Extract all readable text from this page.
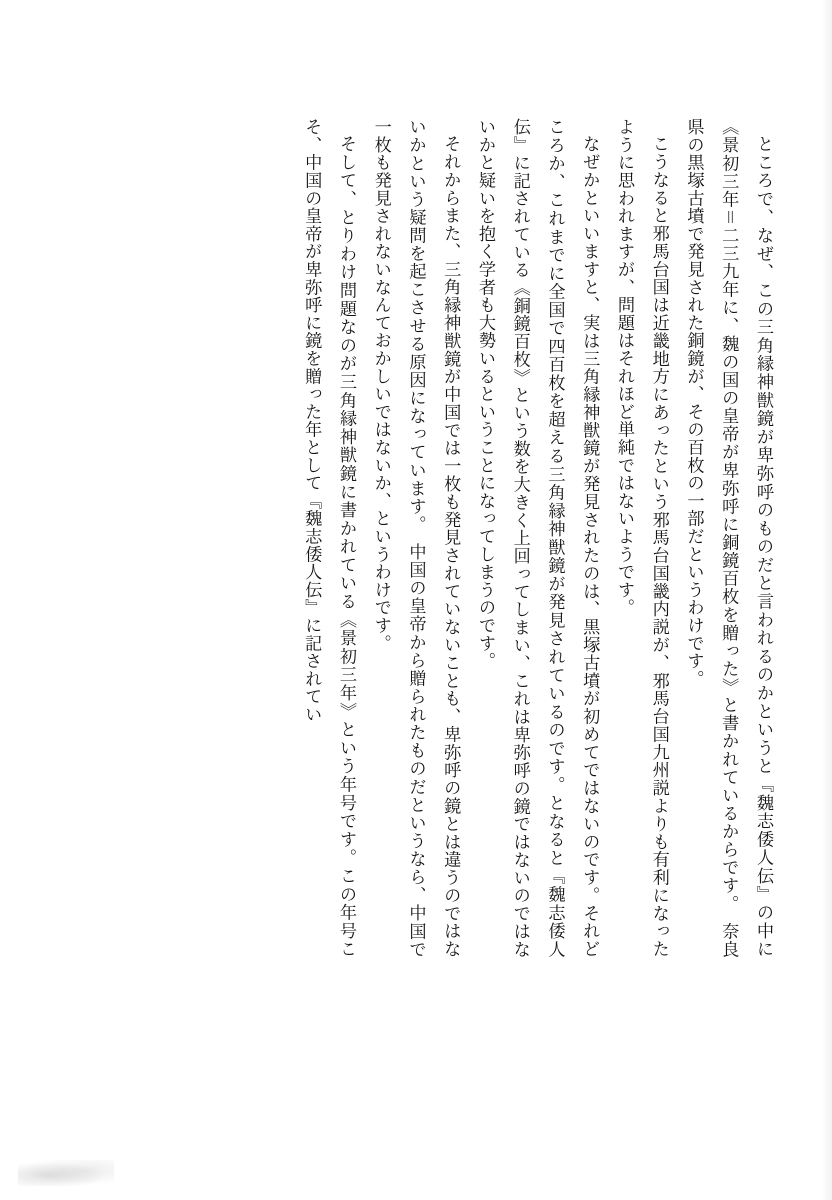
ところで、なぜ、この三角縁神獣鏡が卑弥呼のものだと言われるのかというと『魏志倭人伝』の中に《景初三年＝二三九年に、魏の国の皇帝が卑弥呼に銅鏡百枚を贈った》と書かれているからです。　奈良県の黒塚古墳で発見された銅鏡が、その百枚の一部だというわけです。
こうなると邪馬台国は近畿地方にあったという邪馬台国畿内説が、邪馬台国九州説よりも有利になったように思われますが、問題はそれほど単純ではないようです。
なぜかといいますと、実は三角縁神獣鏡が発見されたのは、黒塚古墳が初めてではないのです。それどころか、これまでに全国で四百枚を超える三角縁神獣鏡が発見されているのです。となると『魏志倭人伝』に記されている《銅鏡百枚》という数を大きく上回ってしまい、これは卑弥呼の鏡ではないのではないかと疑いを抱く学者も大勢いるということになってしまうのです。
それからまた、三角縁神獣鏡が中国では一枚も発見されていないことも、卑弥呼の鏡とは違うのではないかという疑問を起こさせる原因になっています。　中国の皇帝から贈られたものだというなら、中国で一枚も発見されないなんておかしいではないか、というわけです。
そして、とりわけ問題なのが三角縁神獣鏡に書かれている《景初三年》という年号です。この年号こそ、中国の皇帝が卑弥呼に鏡を贈った年として『魏志倭人伝』に記されてい
